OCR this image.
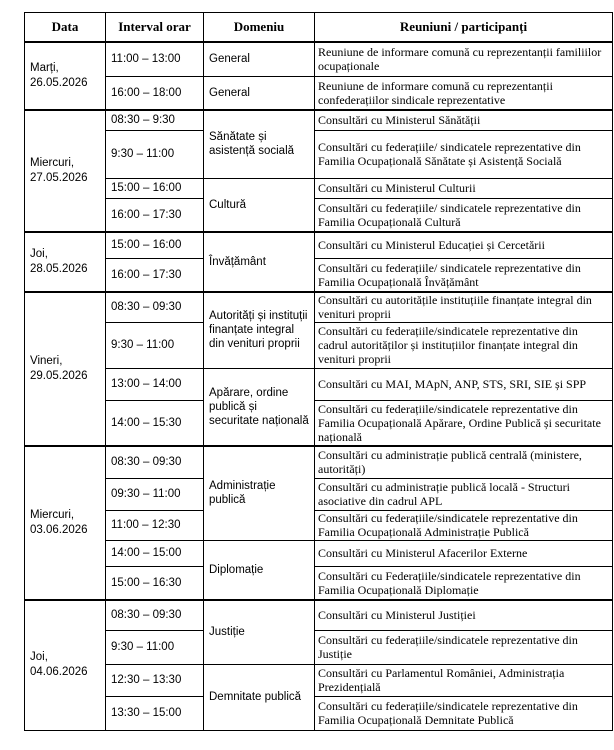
Data	Interval orar	Domeniu	Reuniuni / participanți
Marți,
26.05.2026	11:00 – 13:00	General	Reuniune de informare comună cu reprezentanții familiilor ocupaționale
	16:00 – 18:00	General	Reuniune de informare comună cu reprezentanții confederațiilor sindicale reprezentative
Miercuri,
27.05.2026	08:30 – 9:30	Sănătate și asistență socială	Consultări cu Ministerul Sănătății
	9:30 – 11:00		Consultări cu federațiile/ sindicatele reprezentative din Familia Ocupațională Sănătate și Asistență Socială
	15:00 – 16:00	Cultură	Consultări cu Ministerul Culturii
	16:00 – 17:30		Consultări cu federațiile/ sindicatele reprezentative din Familia Ocupațională Cultură
Joi,
28.05.2026	15:00 – 16:00	Învățământ	Consultări cu Ministerul Educației și Cercetării
	16:00 – 17:30		Consultări cu federațiile/ sindicatele reprezentative din Familia Ocupațională Învățământ
Vineri,
29.05.2026	08:30 – 09:30	Autorități și instituții finanțate integral din venituri proprii	Consultări cu autoritățile instituțiile finanțate integral din venituri proprii
	9:30 – 11:00		Consultări cu federațiile/sindicatele reprezentative din cadrul autorităților și instituțiilor finanțate integral din venituri proprii
	13:00 – 14:00	Apărare, ordine publică și securitate națională	Consultări cu MAI, MApN, ANP, STS, SRI, SIE și SPP
	14:00 – 15:30		Consultări cu federațiile/sindicatele reprezentative din Familia Ocupațională Apărare, Ordine Publică și securitate națională
Miercuri,
03.06.2026	08:30 – 09:30	Administrație publică	Consultări cu administrație publică centrală (ministere, autorități)
	09:30 – 11:00		Consultări cu administrație publică locală - Structuri asociative din cadrul APL
	11:00 – 12:30		Consultări cu federațiile/sindicatele reprezentative din Familia Ocupațională Administrație Publică
	14:00 – 15:00	Diplomație	Consultări cu Ministerul Afacerilor Externe
	15:00 – 16:30		Consultări cu Federațiile/sindicatele reprezentative din Familia Ocupațională Diplomație
Joi,
04.06.2026	08:30 – 09:30	Justiție	Consultări cu Ministerul Justiției
	9:30 – 11:00		Consultări cu federațiile/sindicatele reprezentative din Justiție
	12:30 – 13:30	Demnitate publică	Consultări cu Parlamentul României, Administrația Prezidențială
	13:30 – 15:00		Consultări cu federațiile/sindicatele reprezentative din Familia Ocupațională Demnitate Publică
